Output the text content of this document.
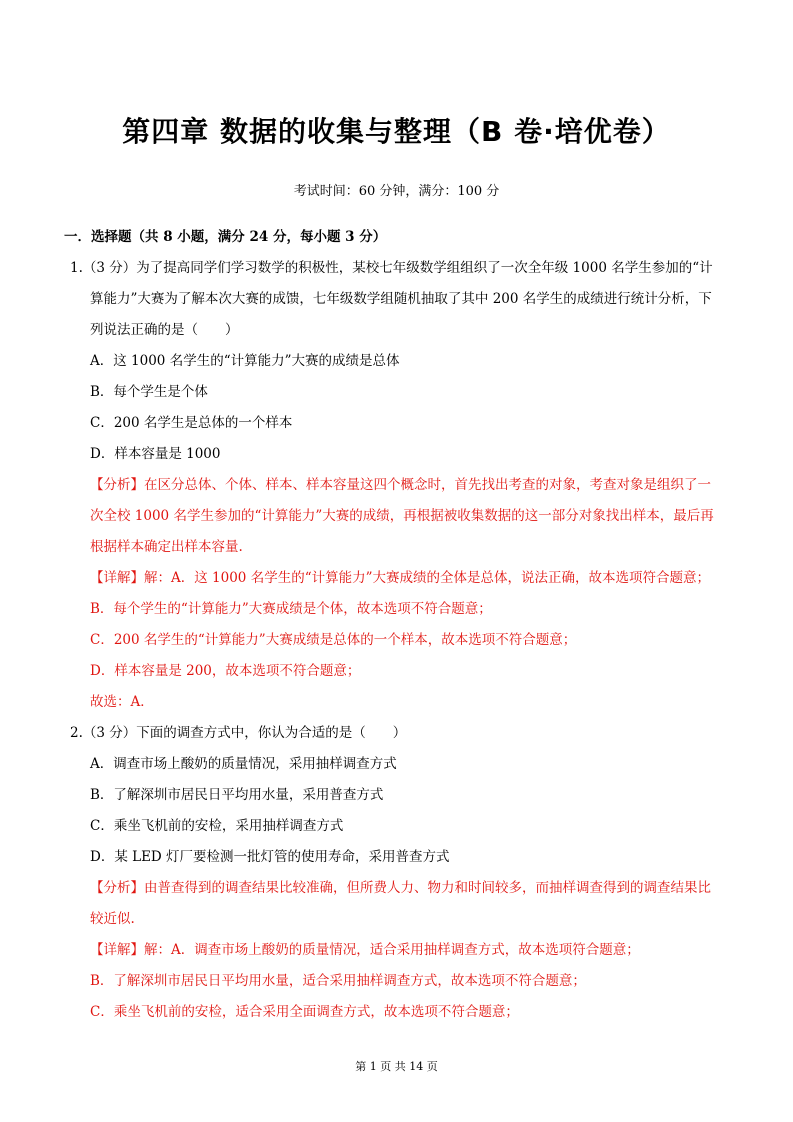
第四章 数据的收集与整理（B 卷·培优卷）
考试时间：60 分钟，满分：100 分
一．选择题（共 8 小题，满分 24 分，每小题 3 分）
1.（3 分）为了提高同学们学习数学的积极性，某校七年级数学组组织了一次全年级 1000 名学生参加的“计算能力”大赛为了解本次大赛的成馈，七年级数学组随机抽取了其中 200 名学生的成绩进行统计分析，下列说法正确的是（　　）
A．这 1000 名学生的“计算能力”大赛的成绩是总体
B．每个学生是个体
C．200 名学生是总体的一个样本
D．样本容量是 1000
【分析】在区分总体、个体、样本、样本容量这四个概念时，首先找出考查的对象，考查对象是组织了一次全校 1000 名学生参加的“计算能力”大赛的成绩，再根据被收集数据的这一部分对象找出样本，最后再根据样本确定出样本容量.
【详解】解：A．这 1000 名学生的“计算能力”大赛成绩的全体是总体，说法正确，故本选项符合题意；
B．每个学生的“计算能力”大赛成绩是个体，故本选项不符合题意；
C．200 名学生的“计算能力”大赛成绩是总体的一个样本，故本选项不符合题意；
D．样本容量是 200，故本选项不符合题意；
故选：A．
2.（3 分）下面的调查方式中，你认为合适的是（　　）
A．调查市场上酸奶的质量情况，采用抽样调查方式
B．了解深圳市居民日平均用水量，采用普查方式
C．乘坐飞机前的安检，采用抽样调查方式
D．某 LED 灯厂要检测一批灯管的使用寿命，采用普查方式
【分析】由普查得到的调查结果比较准确，但所费人力、物力和时间较多，而抽样调查得到的调查结果比较近似.
【详解】解：A．调查市场上酸奶的质量情况，适合采用抽样调查方式，故本选项符合题意；
B．了解深圳市居民日平均用水量，适合采用抽样调查方式，故本选项不符合题意；
C．乘坐飞机前的安检，适合采用全面调查方式，故本选项不符合题意；
第 1 页 共 14 页
